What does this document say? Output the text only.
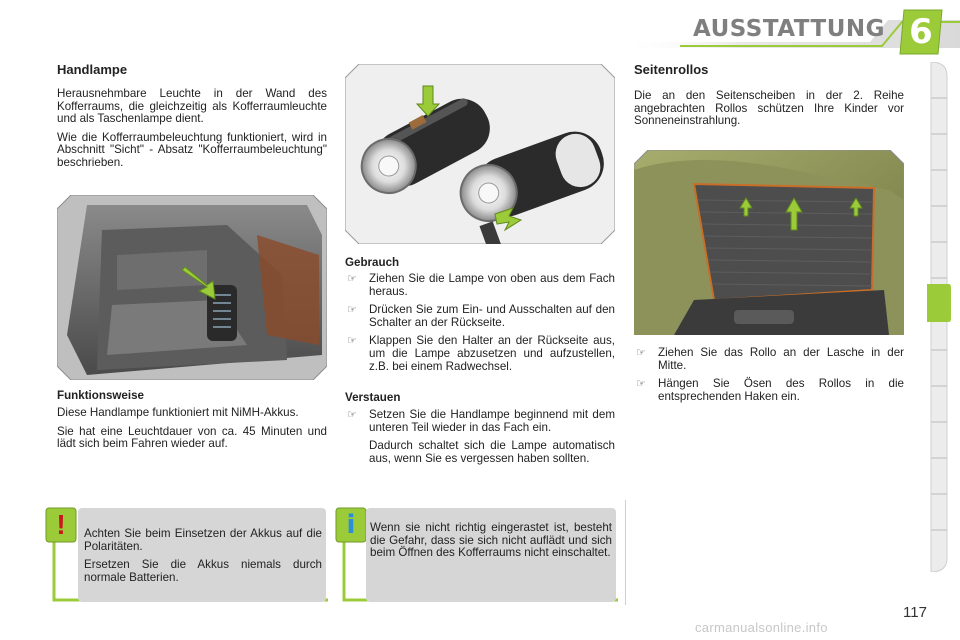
AUSSTATTUNG 6
Handlampe

Herausnehmbare Leuchte in der Wand des Kofferraums, die gleichzeitig als Kofferraumleuchte und als Taschenlampe dient.

Wie die Kofferraumbeleuchtung funktioniert, wird in Abschnitt "Sicht" - Absatz "Kofferraumbeleuchtung" beschrieben.

Funktionsweise

Diese Handlampe funktioniert mit NiMH-Akkus.

Sie hat eine Leuchtdauer von ca. 45 Minuten und lädt sich beim Fahren wieder auf.

!	Achten Sie beim Einsetzen der Akkus auf die Polaritäten.

Ersetzen Sie die Akkus niemals durch normale Batterien.

Gebrauch
☞ Ziehen Sie die Lampe von oben aus dem Fach heraus.
☞ Drücken Sie zum Ein- und Ausschalten auf den Schalter an der Rückseite.
☞ Klappen Sie den Halter an der Rückseite aus, um die Lampe abzusetzen und aufzustellen, z.B. bei einem Radwechsel.
Verstauen
☞ Setzen Sie die Handlampe beginnend mit dem unteren Teil wieder in das Fach ein.
Dadurch schaltet sich die Lampe automatisch aus, wenn Sie es vergessen haben sollten.
i	Wenn sie nicht richtig eingerastet ist, besteht die Gefahr, dass sie sich nicht auflädt und sich beim Öffnen des Kofferraums nicht einschaltet.
Seitenrollos
Die an den Seitenscheiben in der 2. Reihe angebrachten Rollos schützen Ihre Kinder vor Sonneneinstrahlung.
☞ Ziehen Sie das Rollo an der Lasche in der Mitte.
☞ Hängen Sie Ösen des Rollos in die entsprechenden Haken ein.
117
carmanualsonline.info
